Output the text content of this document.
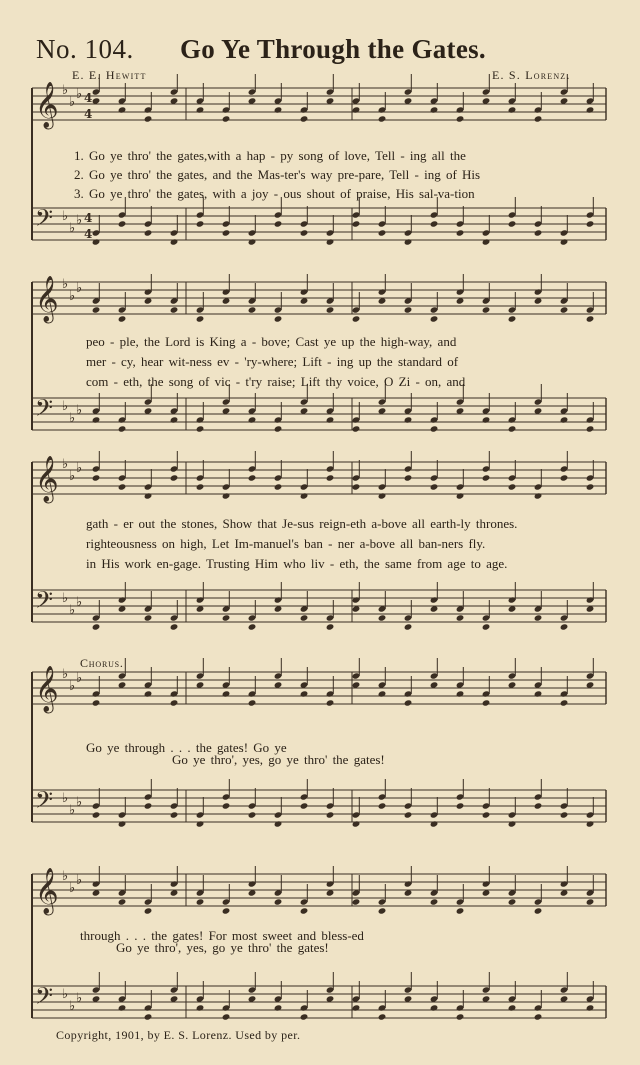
𝄞 ♭
♭
♭
𝄢 ♭
♭
♭
𝄞 ♭
♭
♭
𝄢 ♭
♭
♭
𝄞 ♭
♭
♭
𝄢 ♭
♭
♭
𝄞 ♭
♭
♭
𝄢 ♭
♭
♭
𝄞 ♭
♭
♭
𝄢 ♭
♭
♭
4
4
4
4
No. 104. Go Ye Through the Gates.
E. E. Hewitt	E. S. Lorenz.
1. Go ye thro' the gates,with a hap - py song of love, Tell - ing all the
2. Go ye thro' the gates, and the Mas-ter's way pre-pare, Tell - ing of His
3. Go ye thro' the gates, with a joy - ous shout of praise, His sal-va-tion
peo - ple, the Lord is King a - bove; Cast ye up the high-way, and
mer - cy, hear wit-ness ev - 'ry-where; Lift - ing up the standard of
com - eth, the song of vic - t'ry raise; Lift thy voice, O Zi - on, and
gath - er out the stones, Show that Je-sus reign-eth a-bove all earth-ly thrones.
righteousness on high, Let Im-manuel's ban - ner a-bove all ban-ners fly.
in His work en-gage. Trusting Him who liv - eth, the same from age to age.
Chorus.
Go ye through . . . the gates! Go ye
Go ye thro', yes, go ye thro' the gates!
through . . . the gates! For most sweet and bless-ed
Go ye thro', yes, go ye thro' the gates!
Copyright, 1901, by E. S. Lorenz. Used by per.
